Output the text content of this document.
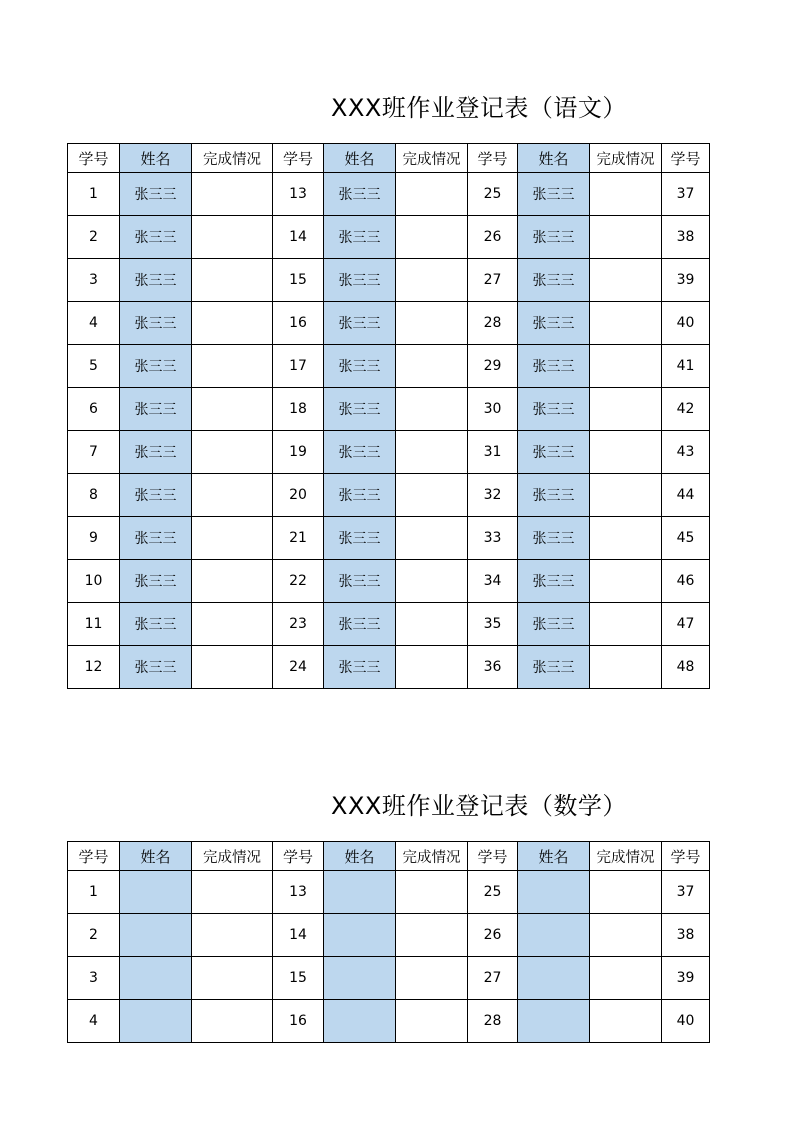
XXX班作业登记表（语文）
学号	姓名	完成情况	学号	姓名	完成情况	学号	姓名	完成情况	学号
1	张三三		13	张三三		25	张三三		37
2	张三三		14	张三三		26	张三三		38
3	张三三		15	张三三		27	张三三		39
4	张三三		16	张三三		28	张三三		40
5	张三三		17	张三三		29	张三三		41
6	张三三		18	张三三		30	张三三		42
7	张三三		19	张三三		31	张三三		43
8	张三三		20	张三三		32	张三三		44
9	张三三		21	张三三		33	张三三		45
10	张三三		22	张三三		34	张三三		46
11	张三三		23	张三三		35	张三三		47
12	张三三		24	张三三		36	张三三		48
XXX班作业登记表（数学）
学号	姓名	完成情况	学号	姓名	完成情况	学号	姓名	完成情况	学号
1			13			25			37
2			14			26			38
3			15			27			39
4			16			28			40
